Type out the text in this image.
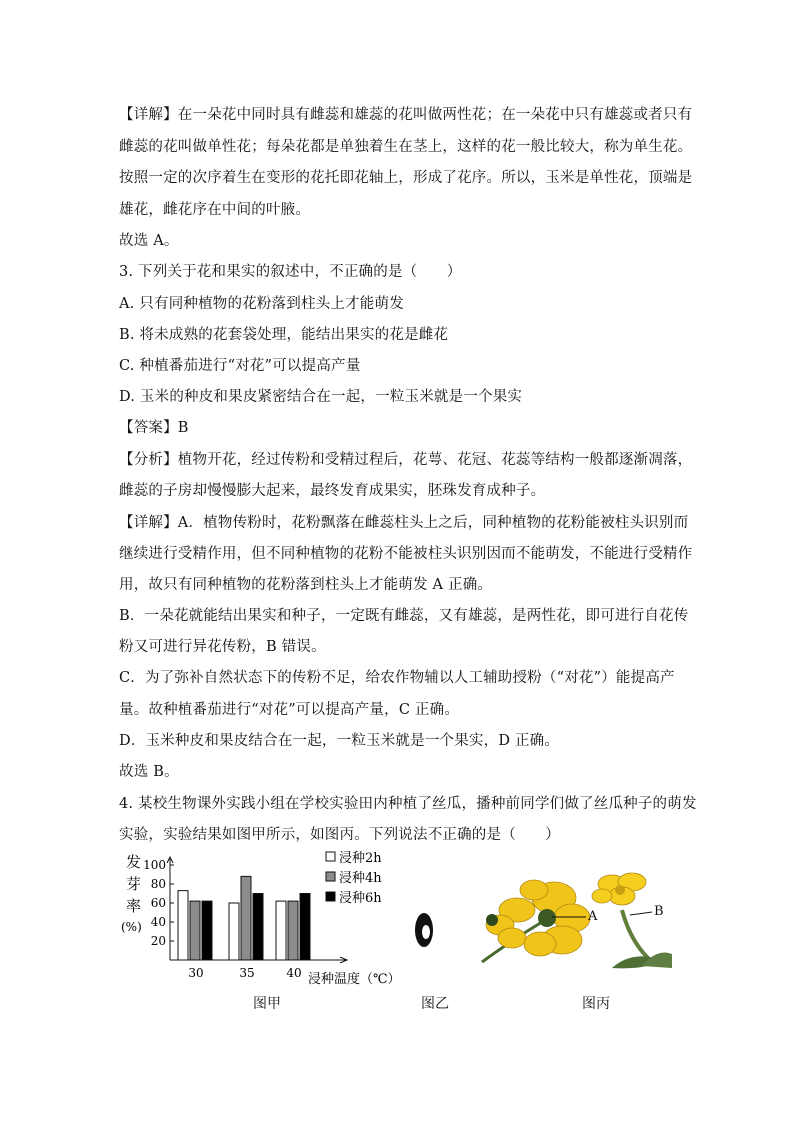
【详解】在一朵花中同时具有雌蕊和雄蕊的花叫做两性花；在一朵花中只有雄蕊或者只有
雌蕊的花叫做单性花；每朵花都是单独着生在茎上，这样的花一般比较大，称为单生花。
按照一定的次序着生在变形的花托即花轴上，形成了花序。所以，玉米是单性花，顶端是
雄花，雌花序在中间的叶腋。
故选 A。
3. 下列关于花和果实的叙述中，不正确的是（　　）
A. 只有同种植物的花粉落到柱头上才能萌发
B. 将未成熟的花套袋处理，能结出果实的花是雌花
C. 种植番茄进行“对花”可以提高产量
D. 玉米的种皮和果皮紧密结合在一起，一粒玉米就是一个果实
【答案】B
【分析】植物开花，经过传粉和受精过程后，花萼、花冠、花蕊等结构一般都逐渐凋落，
雌蕊的子房却慢慢膨大起来，最终发育成果实，胚珠发育成种子。
【详解】A．植物传粉时，花粉飘落在雌蕊柱头上之后，同种植物的花粉能被柱头识别而
继续进行受精作用，但不同种植物的花粉不能被柱头识别因而不能萌发，不能进行受精作
用，故只有同种植物的花粉落到柱头上才能萌发 A 正确。
B．一朵花就能结出果实和种子，一定既有雌蕊，又有雄蕊，是两性花，即可进行自花传
粉又可进行异花传粉，B 错误。
C．为了弥补自然状态下的传粉不足，给农作物辅以人工辅助授粉（“对花”）能提高产
量。故种植番茄进行“对花”可以提高产量，C 正确。
D．玉米种皮和果皮结合在一起，一粒玉米就是一个果实，D 正确。
故选 B。
4. 某校生物课外实践小组在学校实验田内种植了丝瓜，播种前同学们做了丝瓜种子的萌发
实验，实验结果如图甲所示，如图丙。下列说法不正确的是（　　）
发
芽
率
(%)
20
40
60
80
100
30	35	40 浸种温度（℃）
浸种2h
浸种4h
浸种6h
图甲	图乙
A	B
图丙
